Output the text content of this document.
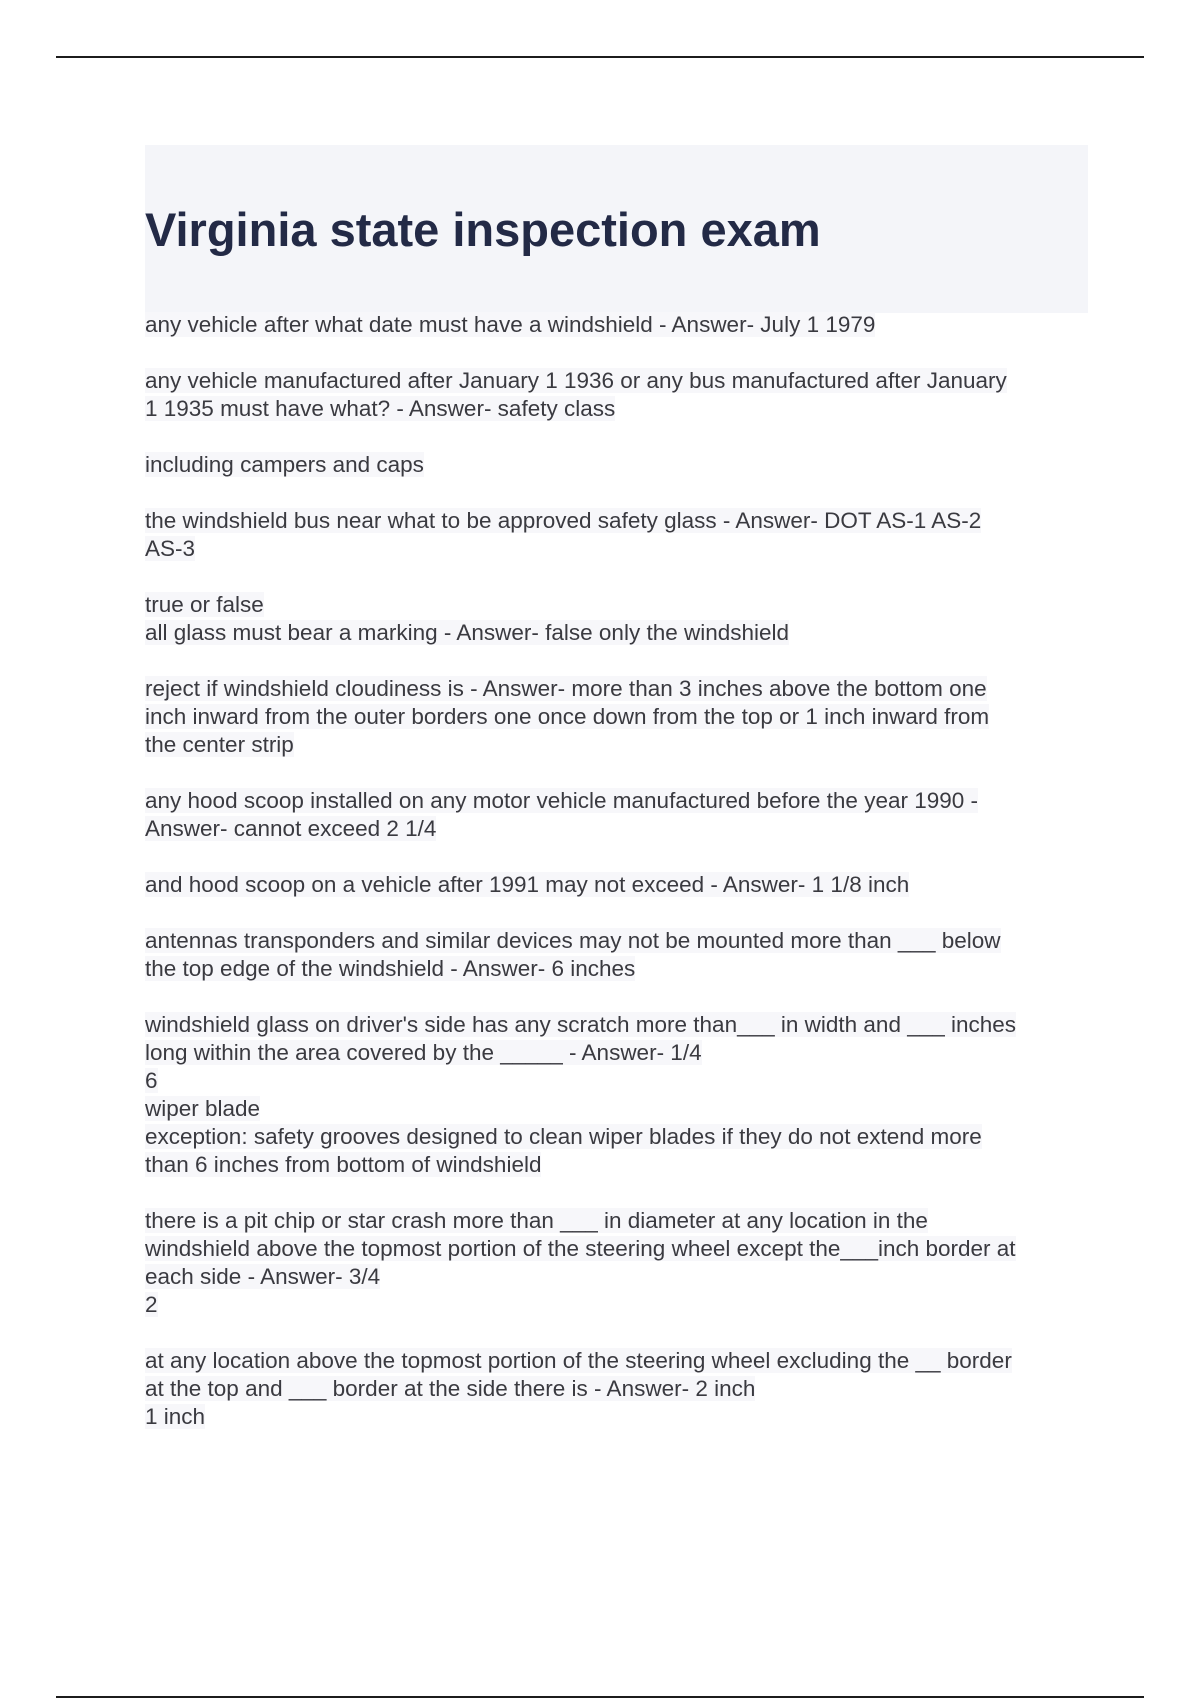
Virginia state inspection exam

any vehicle after what date must have a windshield - Answer- July 1 1979

any vehicle manufactured after January 1 1936 or any bus manufactured after January
1 1935 must have what? - Answer- safety class

including campers and caps

the windshield bus near what to be approved safety glass - Answer- DOT AS-1 AS-2
AS-3

true or false
all glass must bear a marking - Answer- false only the windshield

reject if windshield cloudiness is - Answer- more than 3 inches above the bottom one
inch inward from the outer borders one once down from the top or 1 inch inward from
the center strip

any hood scoop installed on any motor vehicle manufactured before the year 1990 -
Answer- cannot exceed 2 1/4

and hood scoop on a vehicle after 1991 may not exceed - Answer- 1 1/8 inch

antennas transponders and similar devices may not be mounted more than ___ below
the top edge of the windshield - Answer- 6 inches

windshield glass on driver's side has any scratch more than___ in width and ___ inches
long within the area covered by the _____ - Answer- 1/4
6
wiper blade
exception: safety grooves designed to clean wiper blades if they do not extend more
than 6 inches from bottom of windshield

there is a pit chip or star crash more than ___ in diameter at any location in the
windshield above the topmost portion of the steering wheel except the___inch border at
each side - Answer- 3/4
2

at any location above the topmost portion of the steering wheel excluding the __ border
at the top and ___ border at the side there is - Answer- 2 inch
1 inch
